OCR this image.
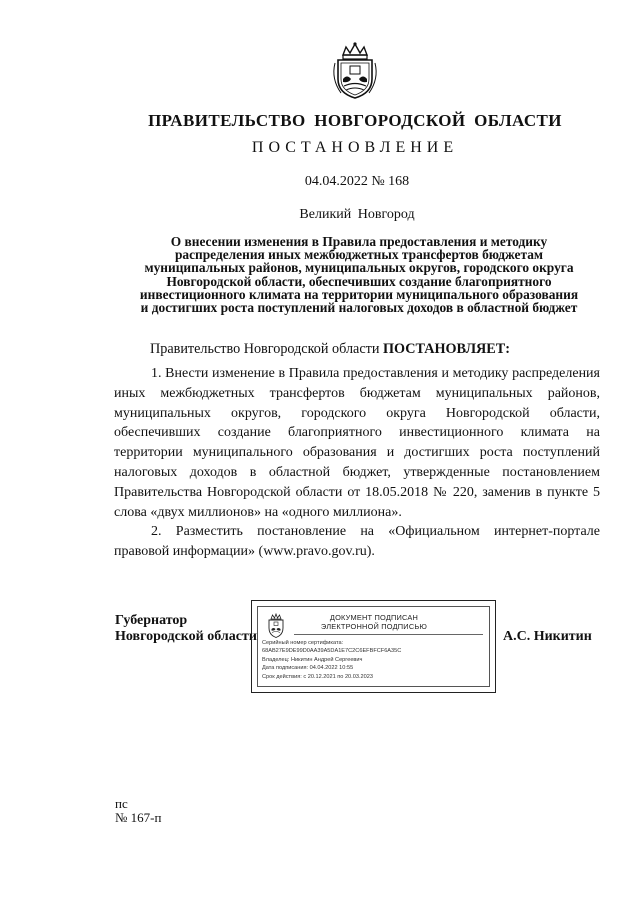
ПРАВИТЕЛЬСТВО НОВГОРОДСКОЙ ОБЛАСТИ
ПОСТАНОВЛЕНИЕ
04.04.2022 № 168
Великий Новгород
О внесении изменения в Правила предоставления и методику
распределения иных межбюджетных трансфертов бюджетам
муниципальных районов, муниципальных округов, городского округа
Новгородской области, обеспечивших создание благоприятного
инвестиционного климата на территории муниципального образования
и достигших роста поступлений налоговых доходов в областной бюджет
Правительство Новгородской области ПОСТАНОВЛЯЕТ:
1. Внести изменение в Правила предоставления и методику распределения
иных межбюджетных трансфертов бюджетам муниципальных районов,
муниципальных округов, городского округа Новгородской области,
обеспечивших создание благоприятного инвестиционного климата на
территории муниципального образования и достигших роста поступлений
налоговых доходов в областной бюджет, утвержденные постановлением
Правительства Новгородской области от 18.05.2018 № 220, заменив в пункте 5
слова «двух миллионов» на «одного миллиона».
2. Разместить постановление на «Официальном интернет-портале
правовой информации» (www.pravo.gov.ru).
Губернатор
Новгородской области
ДОКУМЕНТ ПОДПИСАН
ЭЛЕКТРОННОЙ ПОДПИСЬЮ
Серийный номер сертификата:
68AB27E9DE99D0AA39A5DA1E7C2C6EFBFCF6A35C
Владелец: Никитин Андрей Сергеевич
Дата подписания: 04.04.2022 10:55
Срок действия: с 20.12.2021 по 20.03.2023
А.С. Никитин
пс
№ 167-п
